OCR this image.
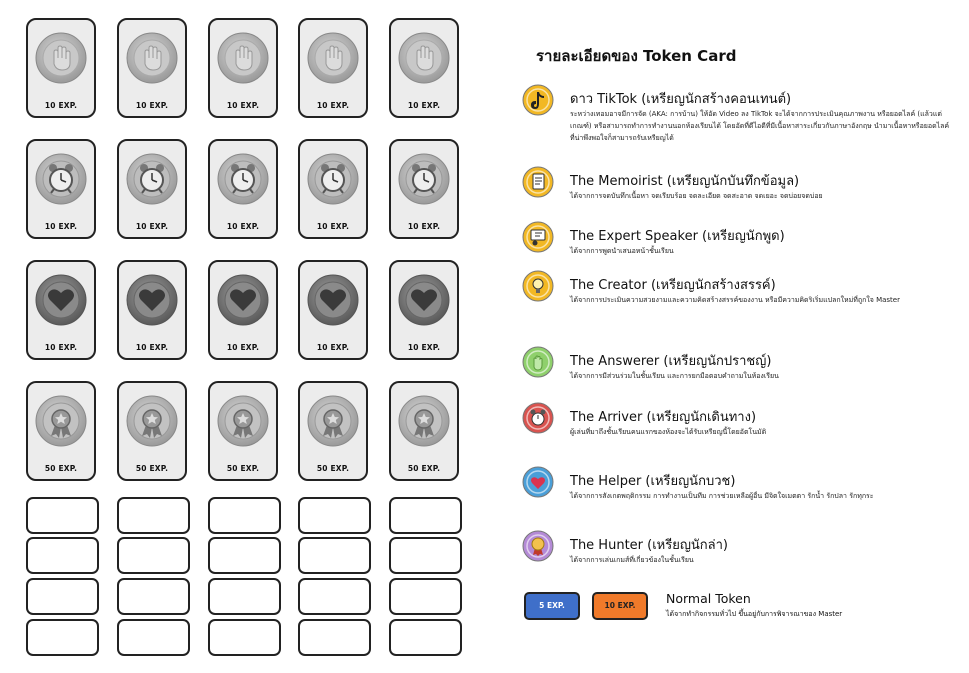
10 EXP.	10 EXP.	10 EXP.	10 EXP.	10 EXP.
10 EXP.	10 EXP.	10 EXP.	10 EXP.	10 EXP.
10 EXP.	10 EXP.	10 EXP.	10 EXP.	10 EXP.
50 EXP.	50 EXP.	50 EXP.	50 EXP.	50 EXP.
รายละเอียดของ Token Card
ดาว TikTok (เหรียญนักสร้างคอนเทนต์)
ระหว่างเทอมอาจมีการจัด (AKA: การบ้าน) ให้อัด Video ลง TikTok จะได้จากการประเมินคุณภาพงาน หรือยอดไลค์ (แล้วแต่เกณฑ์) หรือสามารถทำการทำงานนอกห้องเรียนได้ โดยอัดที่ดีไอดีที่มีเนื้อหาสาระเกี่ยวกับภาษาอังกฤษ นำมาเนื้อหาหรือยอดไลค์ที่น่าพึงพอใจก็สามารถรับเหรียญได้
The Memoirist (เหรียญนักบันทึกข้อมูล)
ได้จากการจดบันทึกเนื้อหา จดเรียบร้อย จดละเอียด จดสะอาด จดเยอะ จดบ่อยจดบ่อย
The Expert Speaker (เหรียญนักพูด)
ได้จากการพูดนำเสนอหน้าชั้นเรียน
The Creator (เหรียญนักสร้างสรรค์)
ได้จากการประเมินความสวยงามและความคิดสร้างสรรค์ของงาน หรือมีความคิดริเริ่มแปลกใหม่ที่ถูกใจ Master
The Answerer (เหรียญนักปราชญ์)
ได้จากการมีส่วนร่วมในชั้นเรียน และการยกมือตอบคำถามในห้องเรียน
The Arriver (เหรียญนักเดินทาง)
ผู้เล่นที่มาถึงชั้นเรียนคนแรกของห้องจะได้รับเหรียญนี้โดยอัตโนมัติ
The Helper (เหรียญนักบวช)
ได้จากการสังเกตพฤติกรรม การทำงานเป็นทีม การช่วยเหลือผู้อื่น มีจิตใจเมตตา รักน้ำ รักปลา รักทุกระ
The Hunter (เหรียญนักล่า)
ได้จากการเล่นเกมส์ที่เกี่ยวข้องในชั้นเรียน
5 EXP.	10 EXP.	Normal Token
ได้จากทำกิจกรรมทั่วไป ขึ้นอยู่กับการพิจารณาของ Master
